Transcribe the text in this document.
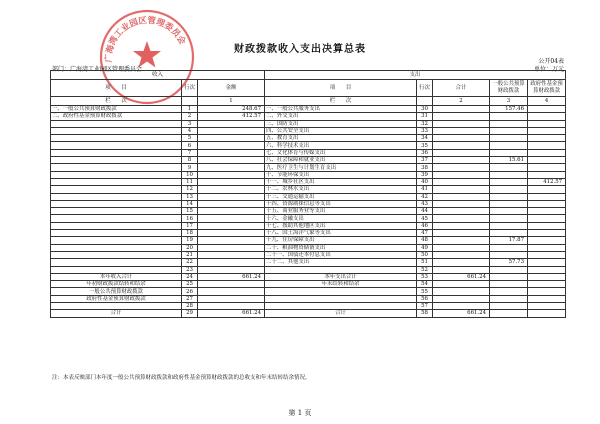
广海湾工业园区管理委员会
财政拨款收入支出决算总表
公开04表
单位：万元
部门：广海湾工业园区管理委员会
收入			支出				
项　　目	行次	金额	项　　目	行次	合计	一般公共预算财政拨款	政府性基金预算财政拨款
栏　　次		1	栏　　次		2	3	4
一、一般公共预算财政拨款	1	248.67	一、一般公共服务支出	30		157.46	
二、政府性基金预算财政拨款	2	412.57	二、外交支出	31			
	3		三、国防支出	32			
	4		四、公共安全支出	33			
	5		五、教育支出	34			
	6		六、科学技术支出	35			
	7		七、文化体育与传媒支出	36			
	8		八、社会保障和就业支出	37		15.61	
	9		九、医疗卫生与计划生育支出	38			
	10		十、节能环保支出	39			
	11		十一、城乡社区支出	40			412.57
	12		十二、农林水支出	41			
	13		十三、交通运输支出	42			
	14		十四、资源勘探信息等支出	43			
	15		十五、商业服务业等支出	44			
	16		十六、金融支出	45			
	17		十七、援助其他地区支出	46			
	18		十八、国土海洋气象等支出	47			
	19		十九、住房保障支出	48		17.87	
	20		二十、粮油物资储备支出	49			
	21		二十一、国债还本付息支出	50			
	22		二十二、其他支出	51		57.73	
	23			52			
本年收入合计	24	661.24	本年支出合计	53	661.24		
年初财政拨款结转和结余	25		年末结转和结余	54			
一般公共预算财政拨款	26			55			
政府性基金预算财政拨款	27			56			
	28			57			
合计	29	661.24	合计	58	661.24		
注：本表反映部门本年度一般公共预算财政拨款和政府性基金预算财政拨款的总收支和年末结转结余情况。
第 1 页
